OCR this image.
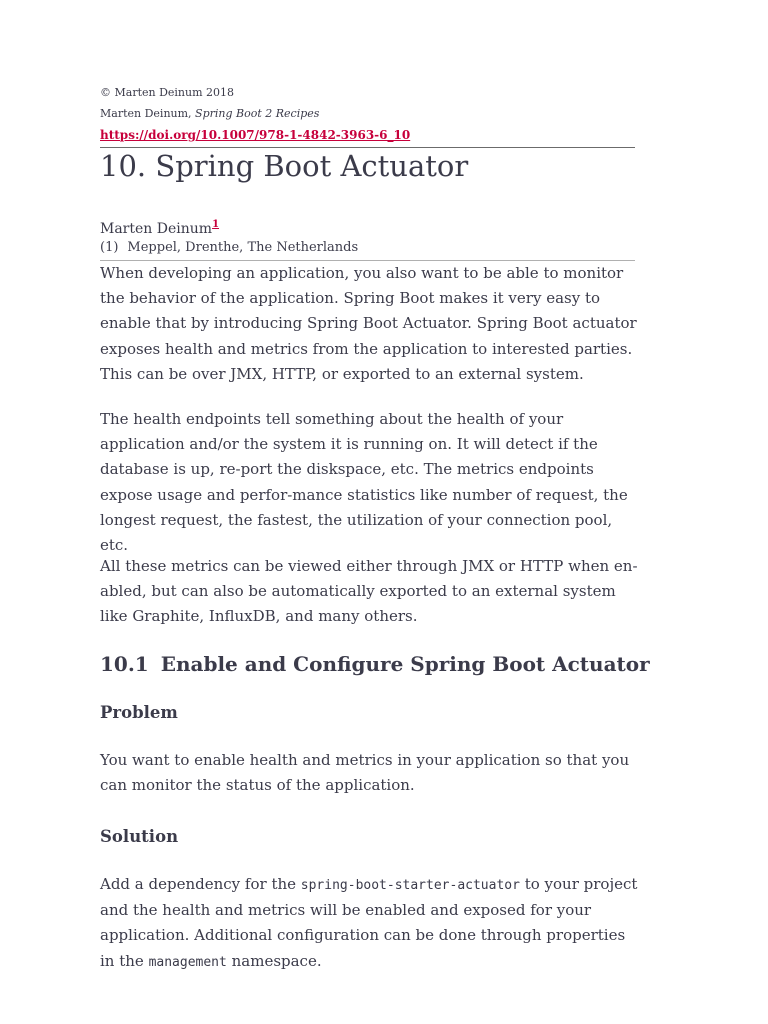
© Marten Deinum 2018
Marten Deinum, Spring Boot 2 Recipes
https://doi.org/10.1007/978-1-4842-3963-6_10
10. Spring Boot Actuator
Marten Deinum$^1$
(1) Meppel, Drenthe, The Netherlands

When developing an application, you also want to be able to monitor the behavior of the application. Spring Boot makes it very easy to enable that by introducing Spring Boot Actuator. Spring Boot actuator exposes health and metrics from the application to interested parties. This can be over JMX, HTTP, or exported to an external system.

The health endpoints tell something about the health of your application and/or the system it is running on. It will detect if the database is up, re-port the diskspace, etc. The metrics endpoints expose usage and perfor-mance statistics like number of request, the longest request, the fastest, the utilization of your connection pool, etc.

All these metrics can be viewed either through JMX or HTTP when en-abled, but can also be automatically exported to an external system like Graphite, InfluxDB, and many others.

10.1 Enable and Configure Spring Boot Actuator
Problem

You want to enable health and metrics in your application so that you can monitor the status of the application.

Solution

Add a dependency for the spring-boot-starter-actuator to your project and the health and metrics will be enabled and exposed for your application. Additional configuration can be done through properties in the management namespace.
